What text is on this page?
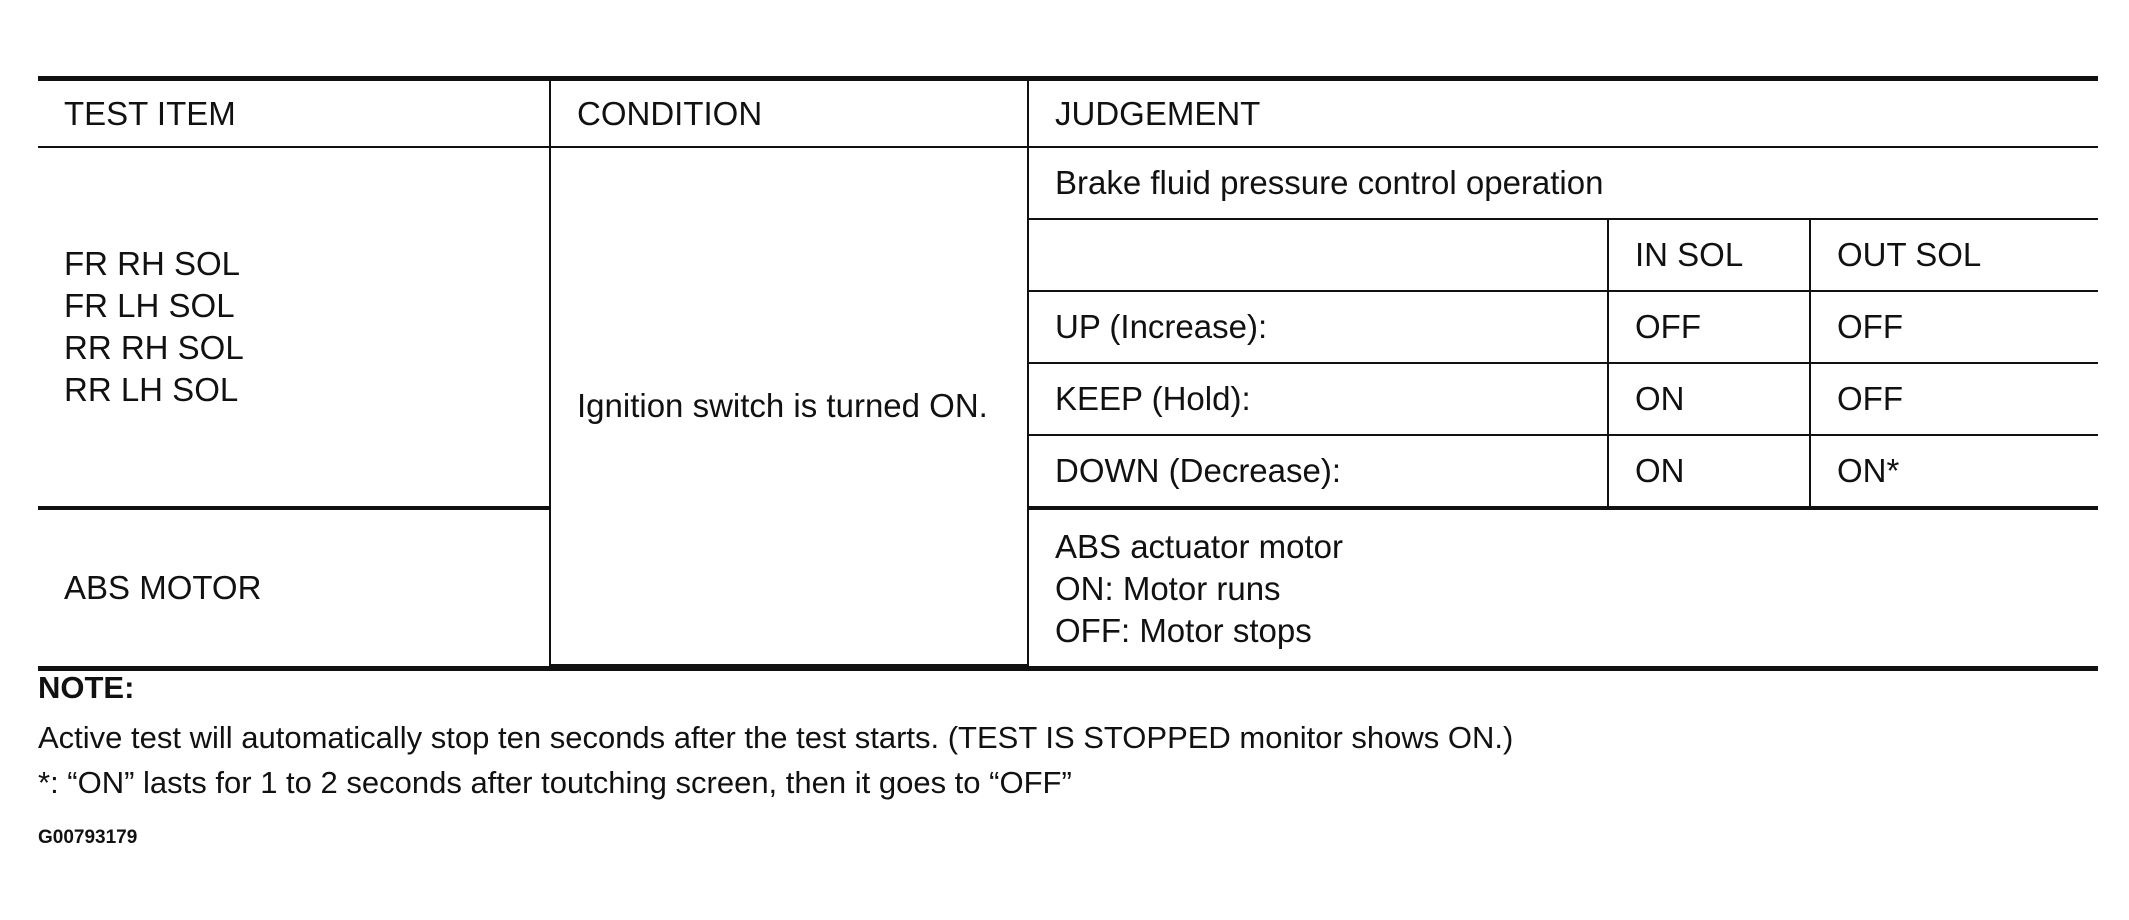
TEST ITEM	CONDITION	JUDGEMENT		

FR RH SOL
FR LH SOL
RR RH SOL
RR LH SOL	Ignition switch is turned ON.	Brake fluid pressure control operation		
			IN SOL	OUT SOL
		UP (Increase):	OFF	OFF
		KEEP (Hold):	ON	OFF
		DOWN (Decrease):	ON	ON*
ABS MOTOR		ABS actuator motor
ON: Motor runs
OFF: Motor stops		
NOTE:
Active test will automatically stop ten seconds after the test starts. (TEST IS STOPPED monitor shows ON.)
*: “ON” lasts for 1 to 2 seconds after toutching screen, then it goes to “OFF”
G00793179
